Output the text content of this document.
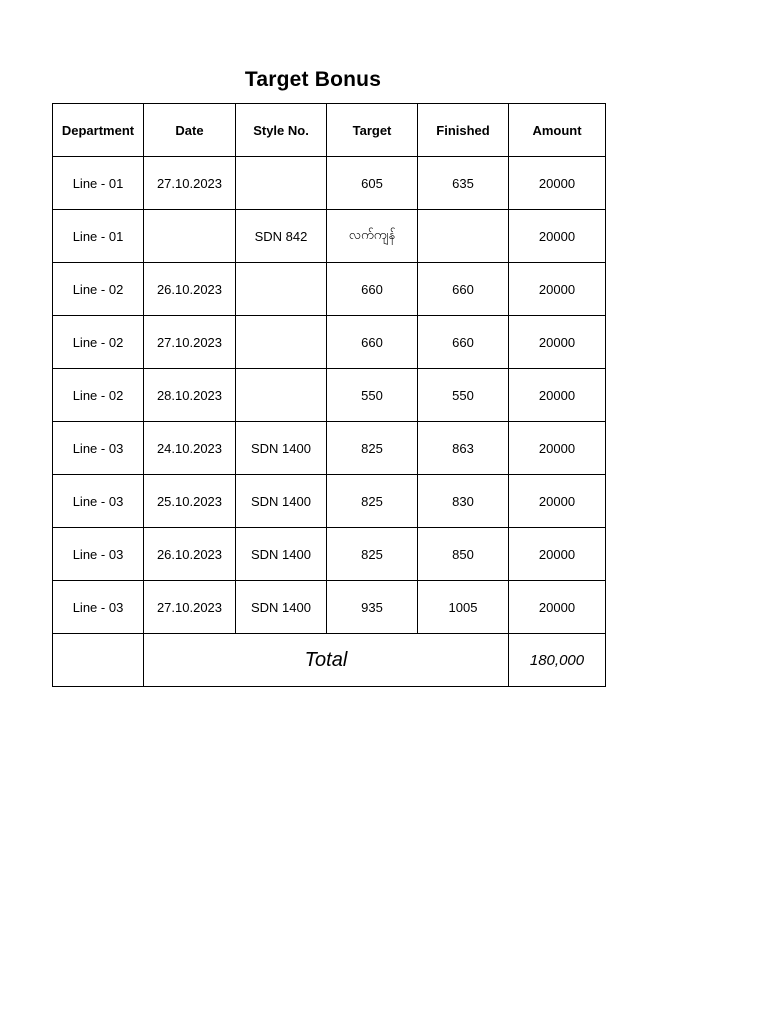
Target Bonus
Department	Date	Style No.	Target	Finished	Amount
Line - 01	27.10.2023		605	635	20000
Line - 01		SDN 842	လက်ကျန်		20000
Line - 02	26.10.2023		660	660	20000
Line - 02	27.10.2023		660	660	20000
Line - 02	28.10.2023		550	550	20000
Line - 03	24.10.2023	SDN 1400	825	863	20000
Line - 03	25.10.2023	SDN 1400	825	830	20000
Line - 03	26.10.2023	SDN 1400	825	850	20000
Line - 03	27.10.2023	SDN 1400	935	1005	20000
	Total				180,000
